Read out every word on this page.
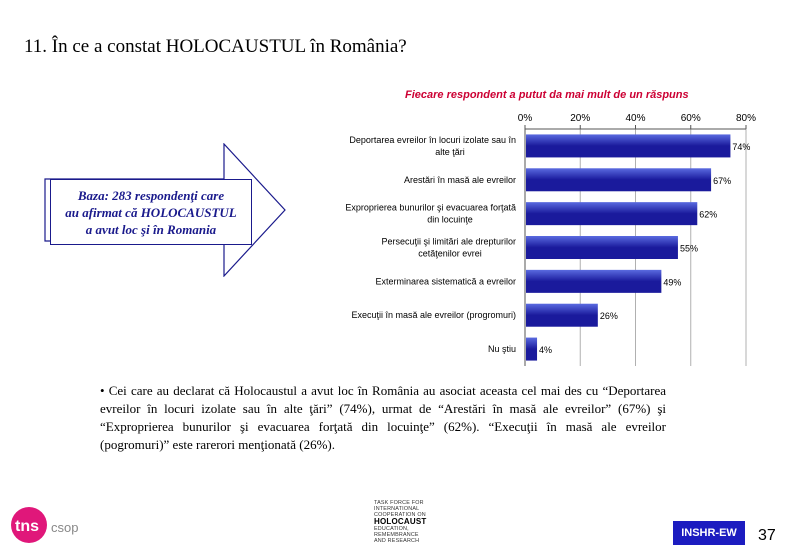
11. În ce a constat HOLOCAUSTUL în România?
Fiecare respondent a putut da mai mult de un răspuns
Baza: 283 respondenţi care
au afirmat că HOLOCAUSTUL
a avut loc şi în Romania
0%	20%	40%	60%	80%
74%
Deportarea evreilor în locuri izolate sau în
alte ţări
67%
Arestări în masă ale evreilor
62%
Exproprierea bunurilor şi evacuarea forţată
din locuinţe
55%
Persecuţii şi limitări ale drepturilor
cetăţenilor evrei
49%
Exterminarea sistematică a evreilor
26%
Execuţii în masă ale evreilor (progromuri)
4%
Nu ştiu
• Cei care au declarat că Holocaustul a avut loc în România au asociat aceasta cel mai des cu “Deportarea evreilor în locuri izolate sau în alte ţări” (74%), urmat de “Arestări în masă ale evreilor” (67%) şi “Exproprierea bunurilor şi evacuarea forţată din locuinţe” (62%). “Execuţii în masă ale evreilor (pogromuri)” este rarerori menţionată (26%).
tns csop
TASK FORCE FOR
INTERNATIONAL
COOPERATION ON
HOLOCAUST
EDUCATION,
REMEMBRANCE
AND RESEARCH
INSHR-EW	37
